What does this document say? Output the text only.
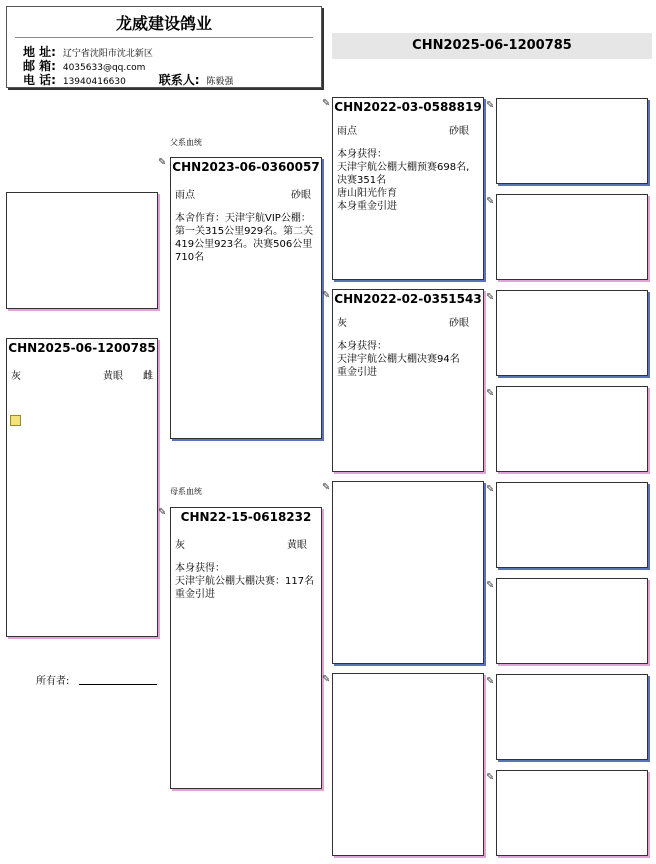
龙威建设鸽业
地 址: 辽宁省沈阳市沈北新区
邮 箱: 4035633@qq.com
电 话: 13940416630	联系人: 陈毅强
CHN2025-06-1200785
CHN2025-06-1200785
灰	黄眼 雌
父系血统
母系血统
✎ CHN2023-06-0360057
雨点	砂眼
本舍作育：天津宇航VIP公棚：
第一关315公里929名。第二关
419公里923名。决赛506公里
710名
✎	CHN22-15-0618232
灰	黄眼
本身获得：
天津宇航公棚大棚决赛：117名
重金引进
✎ CHN2022-03-0588819
雨点	砂眼
本身获得：
天津宇航公棚大棚预赛698名,
决赛351名
唐山阳光作育
本身重金引进
✎ CHN2022-02-0351543
灰	砂眼
本身获得：
天津宇航公棚大棚决赛94名
重金引进
✎
✎
✎
✎
✎
✎
✎
✎
✎
✎
所有者:
